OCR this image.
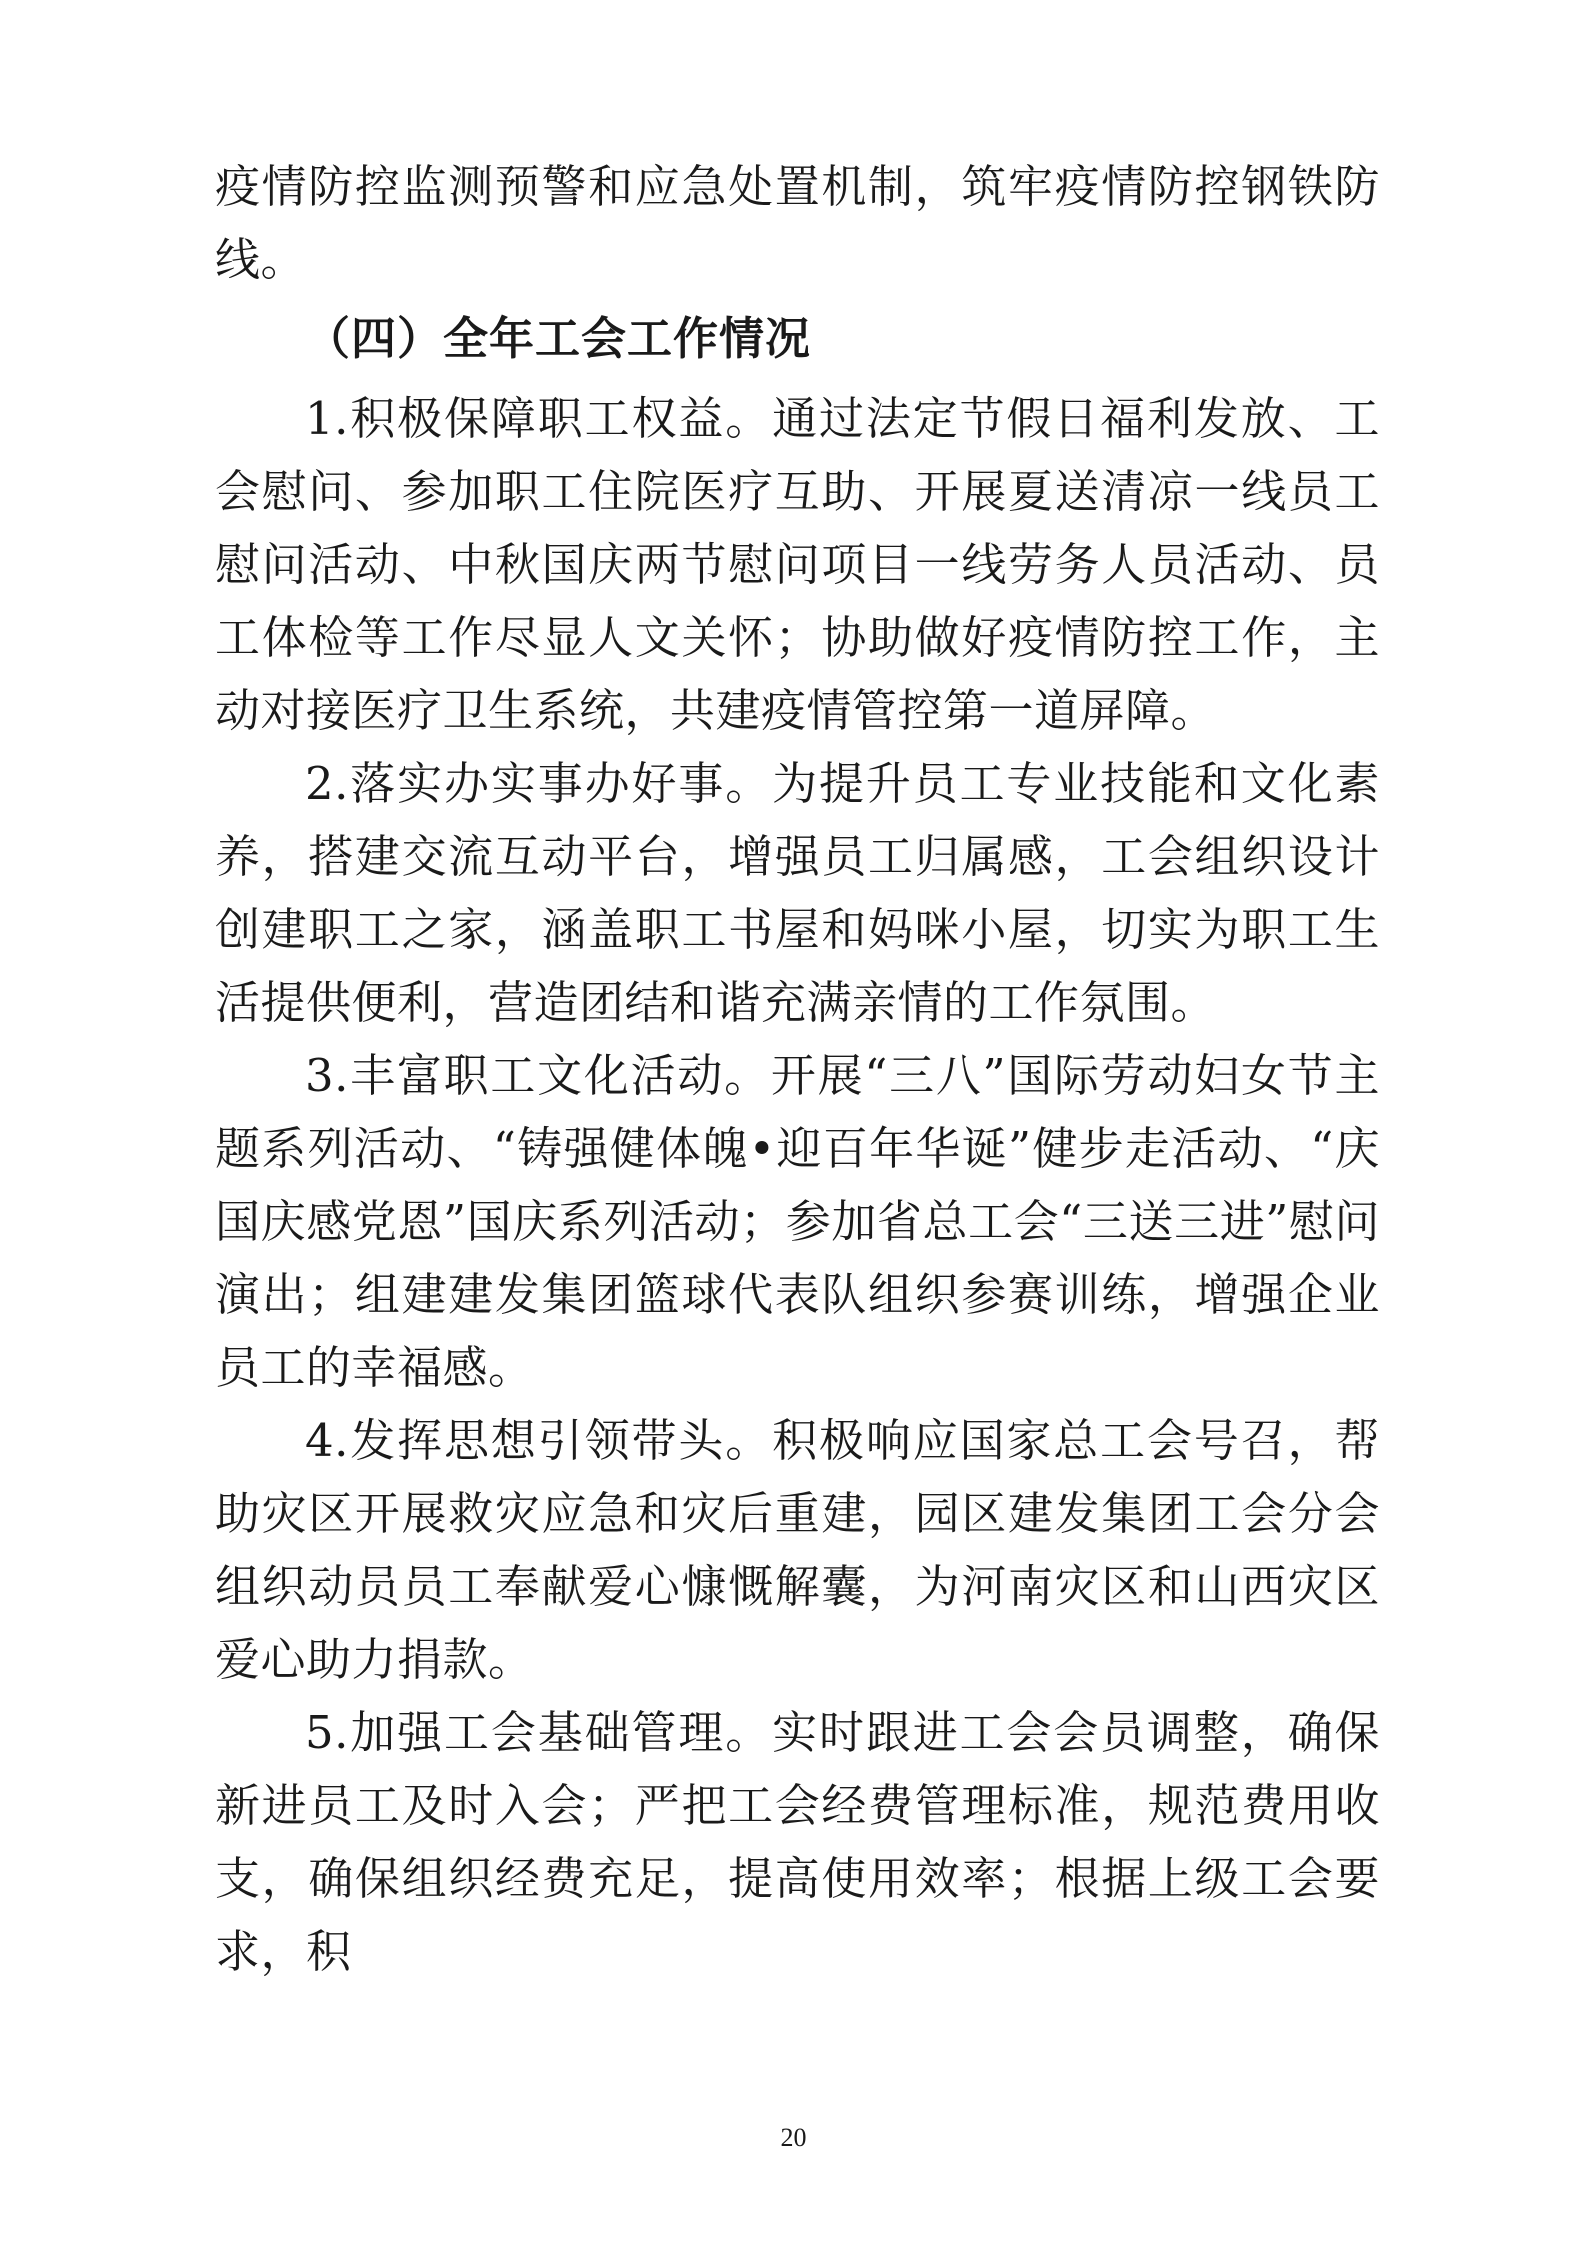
疫情防控监测预警和应急处置机制，筑牢疫情防控钢铁防线。

（四）全年工会工作情况

1.积极保障职工权益。通过法定节假日福利发放、工会慰问、参加职工住院医疗互助、开展夏送清凉一线员工慰问活动、中秋国庆两节慰问项目一线劳务人员活动、员工体检等工作尽显人文关怀；协助做好疫情防控工作，主动对接医疗卫生系统，共建疫情管控第一道屏障。

2.落实办实事办好事。为提升员工专业技能和文化素养，搭建交流互动平台，增强员工归属感，工会组织设计创建职工之家，涵盖职工书屋和妈咪小屋，切实为职工生活提供便利，营造团结和谐充满亲情的工作氛围。

3.丰富职工文化活动。开展“三八”国际劳动妇女节主题系列活动、“铸强健体魄•迎百年华诞”健步走活动、“庆国庆感党恩”国庆系列活动；参加省总工会“三送三进”慰问演出；组建建发集团篮球代表队组织参赛训练，增强企业员工的幸福感。

4.发挥思想引领带头。积极响应国家总工会号召，帮助灾区开展救灾应急和灾后重建，园区建发集团工会分会组织动员员工奉献爱心慷慨解囊，为河南灾区和山西灾区爱心助力捐款。

5.加强工会基础管理。实时跟进工会会员调整，确保新进员工及时入会；严把工会经费管理标准，规范费用收支，确保组织经费充足，提高使用效率；根据上级工会要求，积

20
